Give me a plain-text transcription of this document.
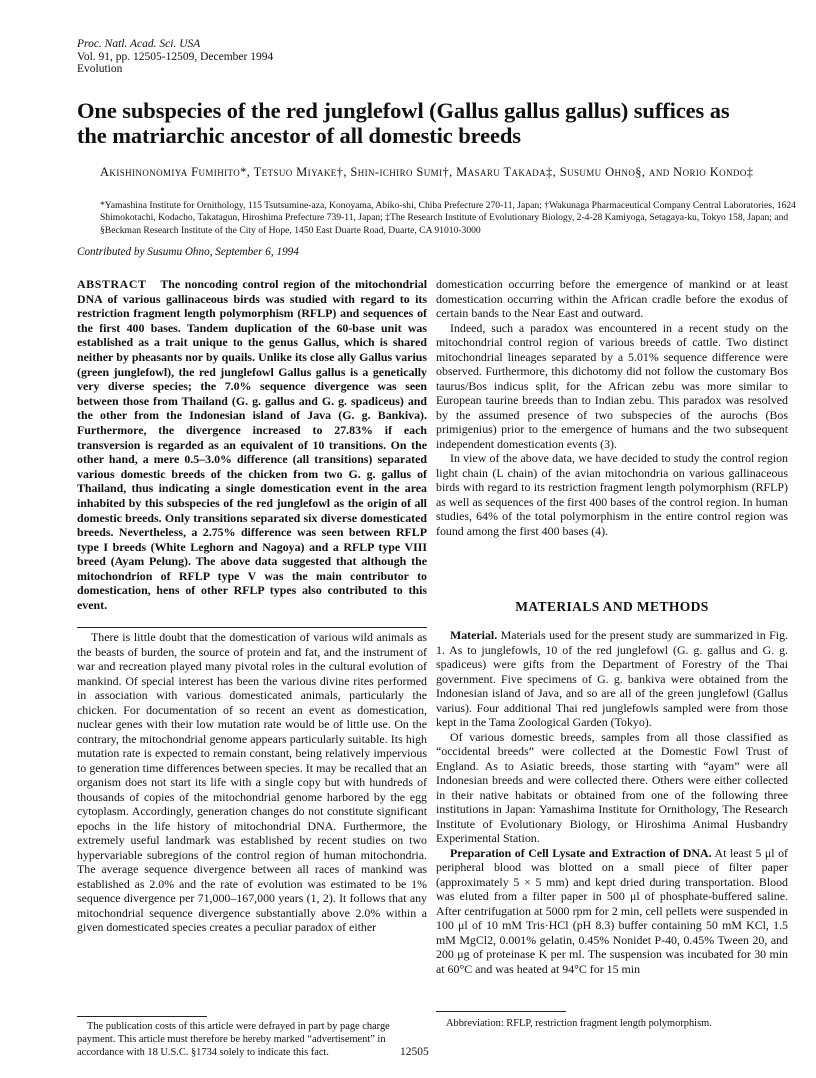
Proc. Natl. Acad. Sci. USA
Vol. 91, pp. 12505-12509, December 1994
Evolution
One subspecies of the red junglefowl (Gallus gallus gallus) suffices as the matriarchic ancestor of all domestic breeds
Akishinonomiya Fumihito*, Tetsuo Miyake†, Shin-ichiro Sumi†, Masaru Takada‡, Susumu Ohno§, and Norio Kondo‡
*Yamashina Institute for Ornithology, 115 Tsutsumine-aza, Konoyama, Abiko-shi, Chiba Prefecture 270-11, Japan; †Wakunaga Pharmaceutical Company Central Laboratories, 1624 Shimokotachi, Kodacho, Takatagun, Hiroshima Prefecture 739-11, Japan; ‡The Research Institute of Evolutionary Biology, 2-4-28 Kamiyoga, Setagaya-ku, Tokyo 158, Japan; and §Beckman Research Institute of the City of Hope, 1450 East Duarte Road, Duarte, CA 91010-3000
Contributed by Susumu Ohno, September 6, 1994
ABSTRACT The noncoding control region of the mitochondrial DNA of various gallinaceous birds was studied with regard to its restriction fragment length polymorphism (RFLP) and sequences of the first 400 bases. Tandem duplication of the 60-base unit was established as a trait unique to the genus Gallus, which is shared neither by pheasants nor by quails. Unlike its close ally Gallus varius (green junglefowl), the red junglefowl Gallus gallus is a genetically very diverse species; the 7.0% sequence divergence was seen between those from Thailand (G. g. gallus and G. g. spadiceus) and the other from the Indonesian island of Java (G. g. Bankiva). Furthermore, the divergence increased to 27.83% if each transversion is regarded as an equivalent of 10 transitions. On the other hand, a mere 0.5–3.0% difference (all transitions) separated various domestic breeds of the chicken from two G. g. gallus of Thailand, thus indicating a single domestication event in the area inhabited by this subspecies of the red junglefowl as the origin of all domestic breeds. Only transitions separated six diverse domesticated breeds. Nevertheless, a 2.75% difference was seen between RFLP type I breeds (White Leghorn and Nagoya) and a RFLP type VIII breed (Ayam Pelung). The above data suggested that although the mitochondrion of RFLP type V was the main contributor to domestication, hens of other RFLP types also contributed to this event.

There is little doubt that the domestication of various wild animals as the beasts of burden, the source of protein and fat, and the instrument of war and recreation played many pivotal roles in the cultural evolution of mankind. Of special interest has been the various divine rites performed in association with various domesticated animals, particularly the chicken. For documentation of so recent an event as domestication, nuclear genes with their low mutation rate would be of little use. On the contrary, the mitochondrial genome appears particularly suitable. Its high mutation rate is expected to remain constant, being relatively impervious to generation time differences between species. It may be recalled that an organism does not start its life with a single copy but with hundreds of thousands of copies of the mitochondrial genome harbored by the egg cytoplasm. Accordingly, generation changes do not constitute significant epochs in the life history of mitochondrial DNA. Furthermore, the extremely useful landmark was established by recent studies on two hypervariable subregions of the control region of human mitochondria. The average sequence divergence between all races of mankind was established as 2.0% and the rate of evolution was estimated to be 1% sequence divergence per 71,000–167,000 years (1, 2). It follows that any mitochondrial sequence divergence substantially above 2.0% within a given domesticated species creates a peculiar paradox of either

The publication costs of this article were defrayed in part by page charge payment. This article must therefore be hereby marked “advertisement” in accordance with 18 U.S.C. §1734 solely to indicate this fact.

domestication occurring before the emergence of mankind or at least domestication occurring within the African cradle before the exodus of certain bands to the Near East and outward.

Indeed, such a paradox was encountered in a recent study on the mitochondrial control region of various breeds of cattle. Two distinct mitochondrial lineages separated by a 5.01% sequence difference were observed. Furthermore, this dichotomy did not follow the customary Bos taurus/Bos indicus split, for the African zebu was more similar to European taurine breeds than to Indian zebu. This paradox was resolved by the assumed presence of two subspecies of the aurochs (Bos primigenius) prior to the emergence of humans and the two subsequent independent domestication events (3).

In view of the above data, we have decided to study the control region light chain (L chain) of the avian mitochondria on various gallinaceous birds with regard to its restriction fragment length polymorphism (RFLP) as well as sequences of the first 400 bases of the control region. In human studies, 64% of the total polymorphism in the entire control region was found among the first 400 bases (4).

MATERIALS AND METHODS

Material. Materials used for the present study are summarized in Fig. 1. As to junglefowls, 10 of the red junglefowl (G. g. gallus and G. g. spadiceus) were gifts from the Department of Forestry of the Thai government. Five specimens of G. g. bankiva were obtained from the Indonesian island of Java, and so are all of the green junglefowl (Gallus varius). Four additional Thai red junglefowls sampled were from those kept in the Tama Zoological Garden (Tokyo).

Of various domestic breeds, samples from all those classified as “occidental breeds” were collected at the Domestic Fowl Trust of England. As to Asiatic breeds, those starting with “ayam” were all Indonesian breeds and were collected there. Others were either collected in their native habitats or obtained from one of the following three institutions in Japan: Yamashima Institute for Ornithology, The Research Institute of Evolutionary Biology, or Hiroshima Animal Husbandry Experimental Station.

Preparation of Cell Lysate and Extraction of DNA. At least 5 μl of peripheral blood was blotted on a small piece of filter paper (approximately 5 × 5 mm) and kept dried during transportation. Blood was eluted from a filter paper in 500 μl of phosphate-buffered saline. After centrifugation at 5000 rpm for 2 min, cell pellets were suspended in 100 μl of 10 mM Tris·HCl (pH 8.3) buffer containing 50 mM KCl, 1.5 mM MgCl2, 0.001% gelatin, 0.45% Nonidet P-40, 0.45% Tween 20, and 200 μg of proteinase K per ml. The suspension was incubated for 30 min at 60°C and was heated at 94°C for 15 min

Abbreviation: RFLP, restriction fragment length polymorphism.
12505
